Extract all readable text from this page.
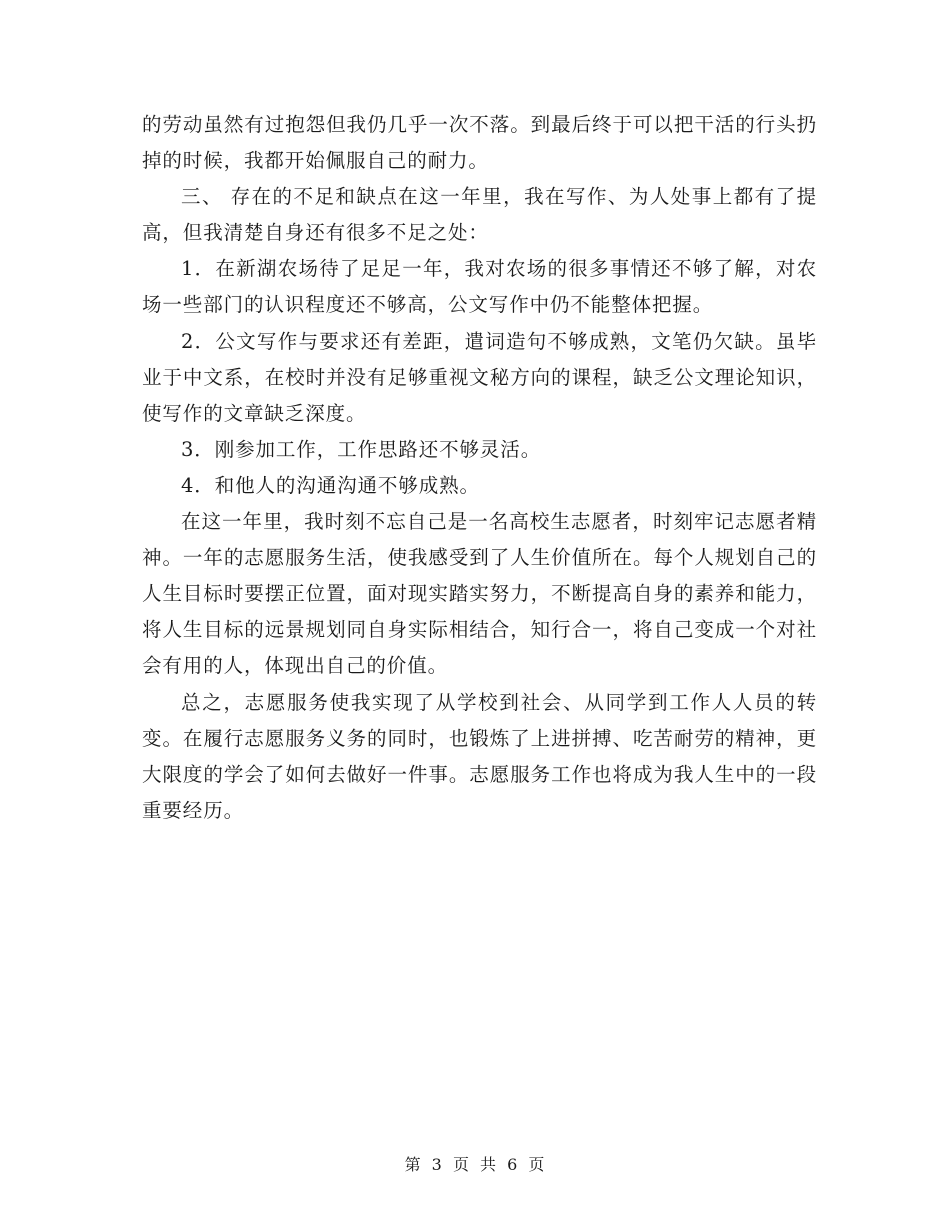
的劳动虽然有过抱怨但我仍几乎一次不落。到最后终于可以把干活的行头扔掉的时候，我都开始佩服自己的耐力。

三、 存在的不足和缺点在这一年里，我在写作、为人处事上都有了提高，但我清楚自身还有很多不足之处：

1．在新湖农场待了足足一年，我对农场的很多事情还不够了解，对农场一些部门的认识程度还不够高，公文写作中仍不能整体把握。

2．公文写作与要求还有差距，遣词造句不够成熟，文笔仍欠缺。虽毕业于中文系，在校时并没有足够重视文秘方向的课程，缺乏公文理论知识，使写作的文章缺乏深度。

3．刚参加工作，工作思路还不够灵活。

4．和他人的沟通沟通不够成熟。

在这一年里，我时刻不忘自己是一名高校生志愿者，时刻牢记志愿者精神。一年的志愿服务生活，使我感受到了人生价值所在。每个人规划自己的人生目标时要摆正位置，面对现实踏实努力，不断提高自身的素养和能力，将人生目标的远景规划同自身实际相结合，知行合一，将自己变成一个对社会有用的人，体现出自己的价值。

总之，志愿服务使我实现了从学校到社会、从同学到工作人人员的转变。在履行志愿服务义务的同时，也锻炼了上进拼搏、吃苦耐劳的精神，更大限度的学会了如何去做好一件事。志愿服务工作也将成为我人生中的一段重要经历。

第 3 页 共 6 页
